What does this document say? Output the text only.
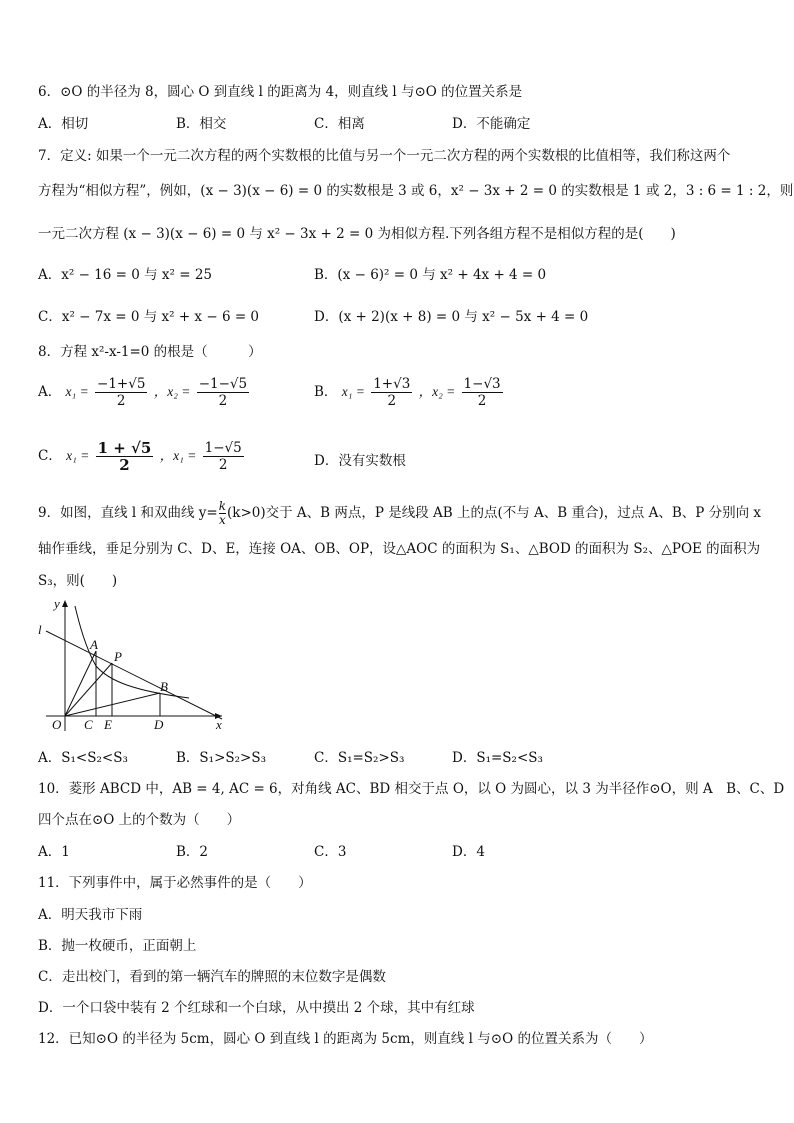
6．⊙O 的半径为 8，圆心 O 到直线 l 的距离为 4，则直线 l 与⊙O 的位置关系是
A．相切	B．相交	C．相离	D．不能确定
7．定义: 如果一个一元二次方程的两个实数根的比值与另一个一元二次方程的两个实数根的比值相等，我们称这两个
方程为“相似方程”，例如，(x − 3)(x − 6) = 0 的实数根是 3 或 6，x² − 3x + 2 = 0 的实数根是 1 或 2，3 : 6 = 1 : 2，则
一元二次方程 (x − 3)(x − 6) = 0 与 x² − 3x + 2 = 0 为相似方程.下列各组方程不是相似方程的是(　　)
A．x² − 16 = 0 与 x² = 25	B．(x − 6)² = 0 与 x² + 4x + 4 = 0
C．x² − 7x = 0 与 x² + x − 6 = 0	D．(x + 2)(x + 8) = 0 与 x² − 5x + 4 = 0
8．方程 x²-x-1=0 的根是（　　　）
A． $x_1 = \frac{-1+√5}{2}$ ，$x_2 = \frac{-1-√5}{2}$	B． $x_1 = \frac{1+√3}{2}$ ，$x_2 = \frac{1-√3}{2}$
C． $x_1 = \frac{1 + √5}{2}$ ，$x_1 = \frac{1-√5}{2}$	D．没有实数根
9．如图，直线 l 和双曲线 $y= \frac{k}{x} (k>0)$交于 A、B 两点，P 是线段 AB 上的点(不与 A、B 重合)，过点 A、B、P 分别向 x
轴作垂线，垂足分别为 C、D、E，连接 OA、OB、OP，设△AOC 的面积为 S₁、△BOD 的面积为 S₂、△POE 的面积为
S₃，则(　　)
y
l
A
P
B
O C E	D	x
A．S₁<S₂<S₃	B．S₁>S₂>S₃	C．S₁=S₂>S₃	D．S₁=S₂<S₃
10．菱形 ABCD 中，AB = 4, AC = 6，对角线 AC、BD 相交于点 O，以 O 为圆心，以 3 为半径作⊙O，则 A　B、C、D
四个点在⊙O 上的个数为（　　）
A．1	B．2	C．3	D．4
11．下列事件中，属于必然事件的是（　　）
A．明天我市下雨
B．抛一枚硬币，正面朝上
C．走出校门，看到的第一辆汽车的牌照的末位数字是偶数
D．一个口袋中装有 2 个红球和一个白球，从中摸出 2 个球，其中有红球
12．已知⊙O 的半径为 5cm，圆心 O 到直线 l 的距离为 5cm，则直线 l 与⊙O 的位置关系为（　　）
